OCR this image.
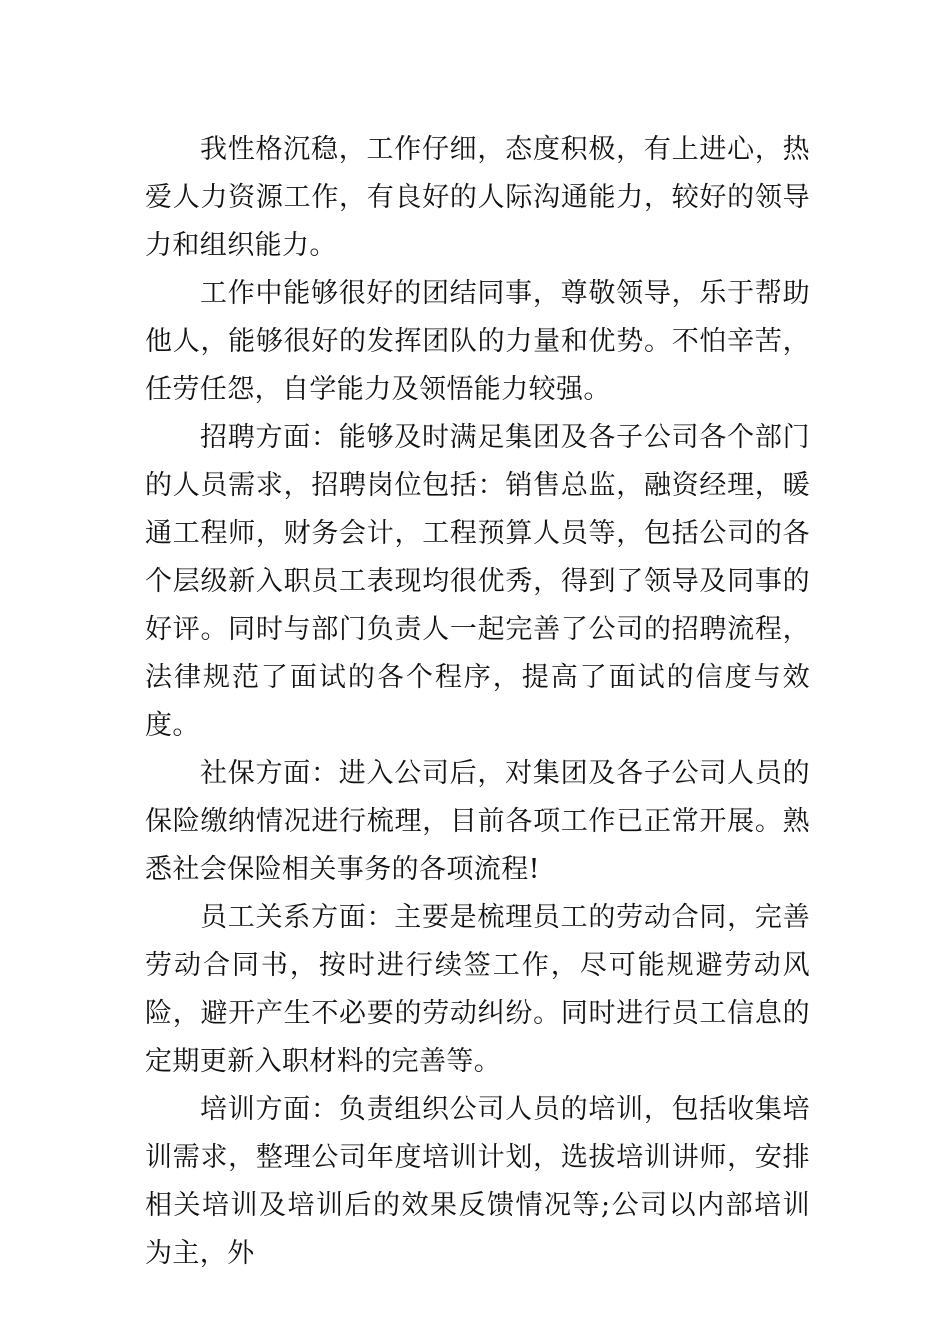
我性格沉稳，工作仔细，态度积极，有上进心，热爱人力资源工作，有良好的人际沟通能力，较好的领导力和组织能力。

工作中能够很好的团结同事，尊敬领导，乐于帮助他人，能够很好的发挥团队的力量和优势。不怕辛苦，任劳任怨，自学能力及领悟能力较强。

招聘方面：能够及时满足集团及各子公司各个部门的人员需求，招聘岗位包括：销售总监，融资经理，暖通工程师，财务会计，工程预算人员等，包括公司的各个层级新入职员工表现均很优秀，得到了领导及同事的好评。同时与部门负责人一起完善了公司的招聘流程，法律规范了面试的各个程序，提高了面试的信度与效度。

社保方面：进入公司后，对集团及各子公司人员的保险缴纳情况进行梳理，目前各项工作已正常开展。熟悉社会保险相关事务的各项流程!

员工关系方面：主要是梳理员工的劳动合同，完善劳动合同书，按时进行续签工作，尽可能规避劳动风险，避开产生不必要的劳动纠纷。同时进行员工信息的定期更新入职材料的完善等。

培训方面：负责组织公司人员的培训，包括收集培训需求，整理公司年度培训计划，选拔培训讲师，安排相关培训及培训后的效果反馈情况等;公司以内部培训为主，外
